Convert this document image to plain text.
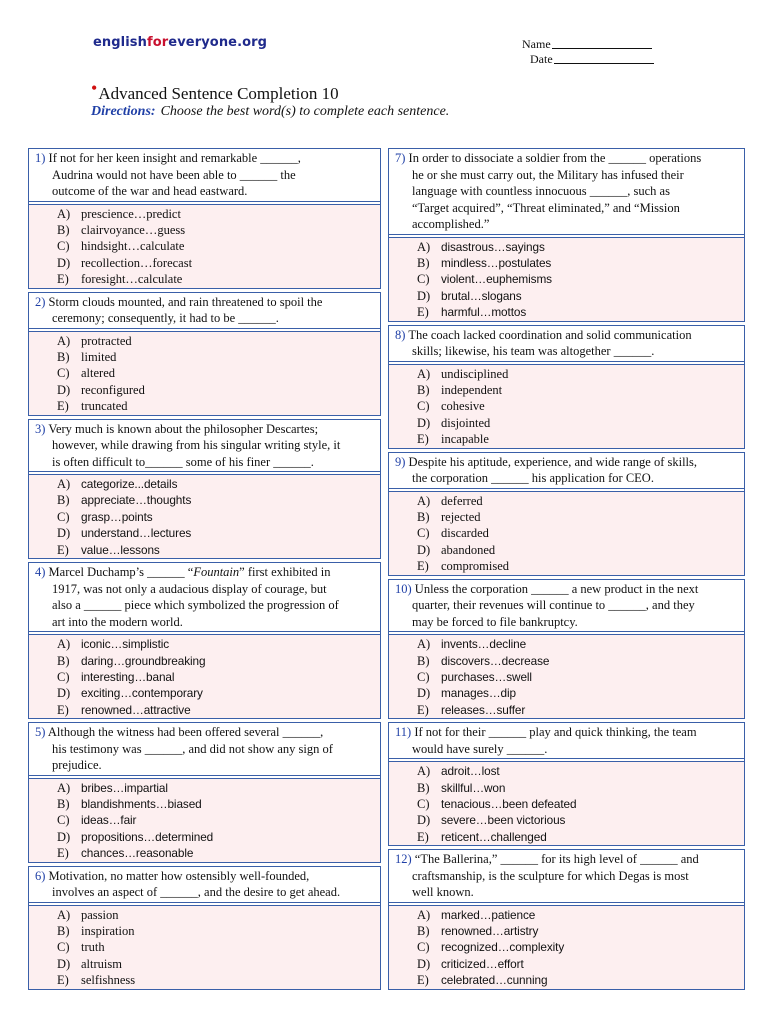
englishforeveryone.org	Name
Date
•Advanced Sentence Completion 10
Directions: Choose the best word(s) to complete each sentence.
1) If not for her keen insight and remarkable ______,
Audrina would not have been able to ______ the
outcome of the war and head eastward.
A) prescience…predict
B) clairvoyance…guess
C) hindsight…calculate
D) recollection…forecast
E) foresight…calculate
2) Storm clouds mounted, and rain threatened to spoil the
ceremony; consequently, it had to be ______.
A) protracted
B) limited
C) altered
D) reconfigured
E) truncated
3) Very much is known about the philosopher Descartes;
however, while drawing from his singular writing style, it
is often difficult to______ some of his finer ______.
A) categorize...details
B) appreciate…thoughts
C) grasp…points
D) understand…lectures
E)	value…lessons
4) Marcel Duchamp’s ______ “Fountain” first exhibited in
1917, was not only a audacious display of courage, but
also a ______ piece which symbolized the progression of
art into the modern world.
A) iconic…simplistic
B) daring…groundbreaking
C) interesting…banal
D) exciting…contemporary
E)	renowned…attractive
5) Although the witness had been offered several ______,
his testimony was ______, and did not show any sign of
prejudice.
A) bribes…impartial
B) blandishments…biased
C) ideas…fair
D) propositions…determined
E)	chances…reasonable
6) Motivation, no matter how ostensibly well-founded,
involves an aspect of ______, and the desire to get ahead.
A) passion
B) inspiration
C) truth
D) altruism
E) selfishness
7) In order to dissociate a soldier from the ______ operations
he or she must carry out, the Military has infused their
language with countless innocuous ______, such as
“Target acquired”, “Threat eliminated,” and “Mission
accomplished.”
A) disastrous…sayings
B) mindless…postulates
C) violent…euphemisms
D) brutal…slogans
E)	harmful…mottos
8) The coach lacked coordination and solid communication
skills; likewise, his team was altogether ______.
A) undisciplined
B) independent
C) cohesive
D) disjointed
E) incapable
9) Despite his aptitude, experience, and wide range of skills,
the corporation ______ his application for CEO.
A) deferred
B) rejected
C) discarded
D) abandoned
E) compromised
10) Unless the corporation ______ a new product in the next
quarter, their revenues will continue to ______, and they
may be forced to file bankruptcy.
A) invents…decline
B) discovers…decrease
C) purchases…swell
D) manages…dip
E)	releases…suffer
11) If not for their ______ play and quick thinking, the team
would have surely ______.
A) adroit…lost
B) skillful…won
C) tenacious…been defeated
D) severe…been victorious
E)	reticent…challenged
12) “The Ballerina,” ______ for its high level of ______ and
craftsmanship, is the sculpture for which Degas is most
well known.
A) marked…patience
B) renowned…artistry
C) recognized…complexity
D) criticized…effort
E)	celebrated…cunning
